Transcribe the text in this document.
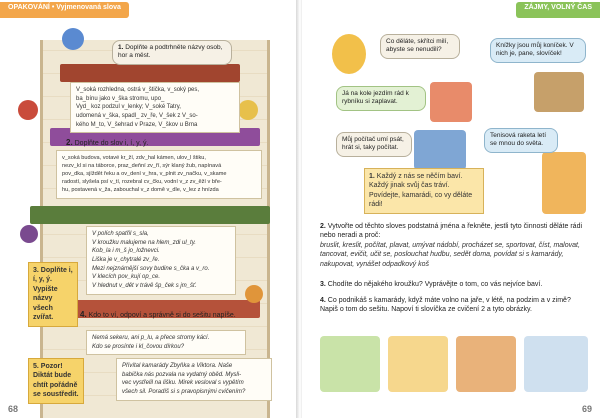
OPAKOVÁNÍ • Vyjmenovaná slova
1. Doplňte a podtrhněte názvy osob, hor a měst.
V_soká rozhledna, ostrá v_štička, v_soký pes,
ba_bínu jako v_ška stromu, upo_
Vyd_ koz podzul v_lenky; V_soké Tatry,
udomená v_ška, spadl_ zv_ře, V_šek z V_so-
kého M_to, V_šehrad v Praze, V_škov u Brna
2. Doplňte do slov i, í, y, ý.
v_soká budova, votavé kr_ží, zdv_hal kámen, ulov_l štiku,
nezv_kl si na táborce, praz_deňní zv_ří, sýr klaný žub, napínavá
pov_dka, sjíždět řeku a ov_dení v_hra, v_plnit zv_načku, v_skame
radostí, slyšela psí v_tí, rozebral cv_čku, vodní v_z zv_ěží v bře-
hu, postavená v_ža, zabouchal v_z domě v_dle, v_lez z hnízda
3. Doplňte i, í, y, ý. Vypište názvy všech zvířat.
V polích spatřil s_sla,
V kroužku malujeme na hlem_zdi ul_ty.
Kob_la i m_š jo_ložnevci.
Liška je v_chytralé zv_ře.
Mezi nejznámější sovy budine s_čka a v_ro.
V klecích pov_kují op_ce.
V hlednut v_dět v trávě šp_ček s jm_šť.
4. Kdo to ví, odpoví a správně si do sešitu napíše.
Nemá sekeru, ani p_lu, a přece stromy kácí.
Kdo se prosínte i kl_čovou dírkou?
5. Pozor! Diktát bude chtít pořádně se soustředit.
Přivítal kamarády Zbyňka a Viktora. Naše
babička nás pozvala na vydatný oběd. Mysli-
vec vystřelil na lišku. Mirek vesloval s vypětím
všech sil. Poradíš si s pravopisnými cvičením?
68
ZÁJMY, VOLNÝ ČAS
Co děláte, skřítci milí, abyste se nenudili?
Knížky jsou můj koníček. V nich je, pane, slovíček!
Já na kole jezdím rád k rybníku si zaplavat.
Můj počítač umí psát, hrát si, taky počítat.
Tenisová raketa letí se mnou do světa.
1. Každý z nás se něčím baví. Každý jinak svůj čas tráví. Povídejte, kamarádi, co vy děláte rádi!
2. Vytvořte od těchto sloves podstatná jména a řekněte, jestli tyto činnosti děláte rádi nebo neradi a proč:
bruslit, kreslit, počítat, plavat, umývat nádobí, procházet se, sportovat, číst, malovat, tancovat, evičit, učit se, poslouchat hudbu, sedět doma, povídat si s kamarády, nakupovat, vynášet odpadkový koš
3. Chodíte do nějakého kroužku? Vyprávějte o tom, co vás nejvíce baví.
4. Co podnikáš s kamarády, když máte volno na jaře, v létě, na podzim a v zimě? Napiš o tom do sešitu. Napoví ti slovíčka ze cvičení 2 a tyto obrázky.
69
